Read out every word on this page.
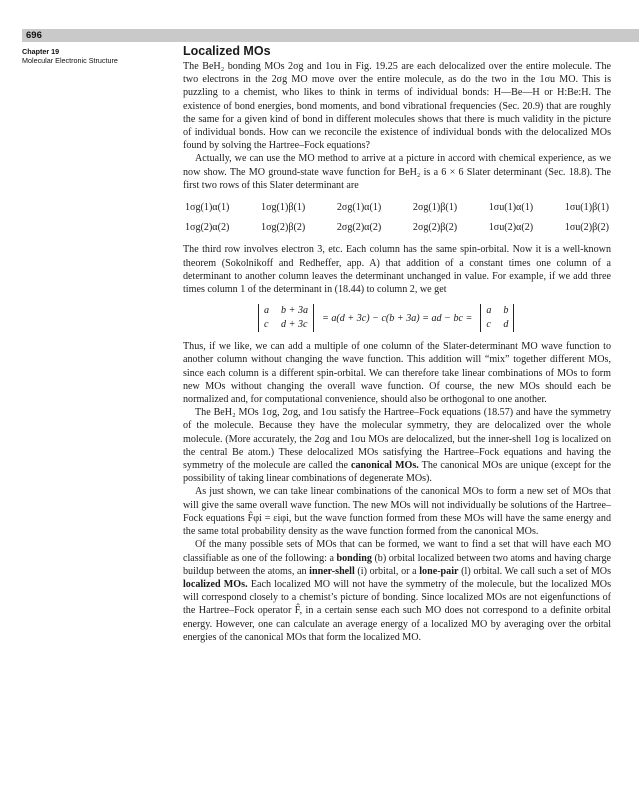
696
Chapter 19
Molecular Electronic Structure
Localized MOs

The BeH₂ bonding MOs 2σg and 1σu in Fig. 19.25 are each delocalized over the entire molecule. The two electrons in the 2σg MO move over the entire molecule, as do the two in the 1σu MO. This is puzzling to a chemist, who likes to think in terms of individual bonds: H—Be—H or H:Be:H. The existence of bond energies, bond moments, and bond vibrational frequencies (Sec. 20.9) that are roughly the same for a given kind of bond in different molecules shows that there is much validity in the picture of individual bonds. How can we reconcile the existence of individual bonds with the delocalized MOs found by solving the Hartree–Fock equations?

Actually, we can use the MO method to arrive at a picture in accord with chemical experience, as we now show. The MO ground-state wave function for BeH₂ is a 6 × 6 Slater determinant (Sec. 18.8). The first two rows of this Slater determinant are

1σg(1)α(1)	1σg(1)β(1)	2σg(1)α(1)	2σg(1)β(1)	1σu(1)α(1)	1σu(1)β(1)
1σg(2)α(2)	1σg(2)β(2)	2σg(2)α(2)	2σg(2)β(2)	1σu(2)α(2)	1σu(2)β(2)

The third row involves electron 3, etc. Each column has the same spin-orbital. Now it is a well-known theorem (Sokolnikoff and Redheffer, app. A) that addition of a constant times one column of a determinant to another column leaves the determinant unchanged in value. For example, if we add three times column 1 of the determinant in (18.44) to column 2, we get

a b + 3a
c d + 3c
= a(d + 3c) − c(b + 3a) = ad − bc =
a b
c d

Thus, if we like, we can add a multiple of one column of the Slater-determinant MO wave function to another column without changing the wave function. This addition will “mix” together different MOs, since each column is a different spin-orbital. We can therefore take linear combinations of MOs to form new MOs without changing the overall wave function. Of course, the new MOs should each be normalized and, for computational convenience, should also be orthogonal to one another.

The BeH₂ MOs 1σg, 2σg, and 1σu satisfy the Hartree–Fock equations (18.57) and have the symmetry of the molecule. Because they have the molecular symmetry, they are delocalized over the whole molecule. (More accurately, the 2σg and 1σu MOs are delocalized, but the inner-shell 1σg is localized on the central Be atom.) These delocalized MOs satisfying the Hartree–Fock equations and having the symmetry of the molecule are called the canonical MOs. The canonical MOs are unique (except for the possibility of taking linear combinations of degenerate MOs).

As just shown, we can take linear combinations of the canonical MOs to form a new set of MOs that will give the same overall wave function. The new MOs will not individually be solutions of the Hartree–Fock equations F̂φi = εiφi, but the wave function formed from these MOs will have the same energy and the same total probability density as the wave function formed from the canonical MOs.

Of the many possible sets of MOs that can be formed, we want to find a set that will have each MO classifiable as one of the following: a bonding (b) orbital localized between two atoms and having charge buildup between the atoms, an inner-shell (i) orbital, or a lone-pair (l) orbital. We call such a set of MOs localized MOs. Each localized MO will not have the symmetry of the molecule, but the localized MOs will correspond closely to a chemist’s picture of bonding. Since localized MOs are not eigenfunctions of the Hartree–Fock operator F̂, in a certain sense each such MO does not correspond to a definite orbital energy. However, one can calculate an average energy of a localized MO by averaging over the orbital energies of the canonical MOs that form the localized MO.
